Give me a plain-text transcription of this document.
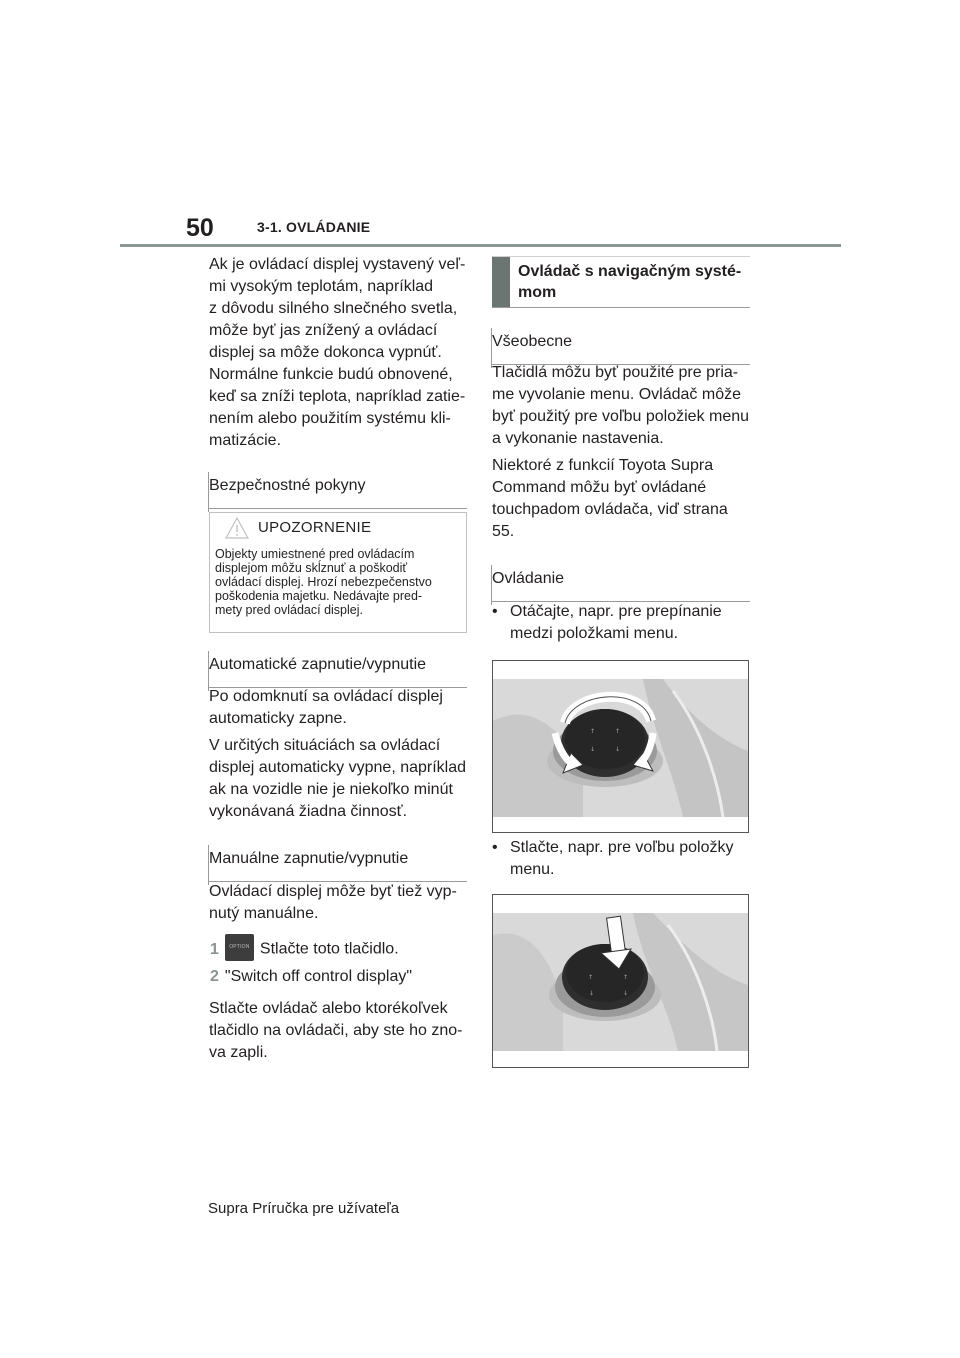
50	3-1. OVLÁDANIE

Ak je ovládací displej vystavený veľ-
mi vysokým teplotám, napríklad
z dôvodu silného slnečného svetla,
môže byť jas znížený a ovládací
displej sa môže dokonca vypnúť.
Normálne funkcie budú obnovené,
keď sa zníži teplota, napríklad zatie-
nením alebo použitím systému kli-
matizácie.

Bezpečnostné pokyny
UPOZORNENIE
Objekty umiestnené pred ovládacím
displejom môžu skĺznuť a poškodiť
ovládací displej. Hrozí nebezpečenstvo
poškodenia majetku. Nedávajte pred-
mety pred ovládací displej.
Automatické zapnutie/vypnutie

Po odomknutí sa ovládací displej
automaticky zapne.

V určitých situáciách sa ovládací
displej automaticky vypne, napríklad
ak na vozidle nie je niekoľko minút
vykonávaná žiadna činnosť.

Manuálne zapnutie/vypnutie

Ovládací displej môže byť tiež vyp-
nutý manuálne.

1 OPTION Stlačte toto tlačidlo.
2 "Switch off control display"

Stlačte ovládač alebo ktorékoľvek
tlačidlo na ovládači, aby ste ho zno-
va zapli.

Ovládač s navigačným systé-
mom
Všeobecne

Tlačidlá môžu byť použité pre pria-
me vyvolanie menu. Ovládač môže
byť použitý pre voľbu položiek menu
a vykonanie nastavenia.

Niektoré z funkcií Toyota Supra
Command môžu byť ovládané
touchpadom ovládača, viď strana
55.

Ovládanie
• Otáčajte, napr. pre prepínanie
medzi položkami menu.
↑	↑
↓	↓
• Stlačte, napr. pre voľbu položky
menu.
↑	↑
↓	↓
Supra Príručka pre užívateľa
